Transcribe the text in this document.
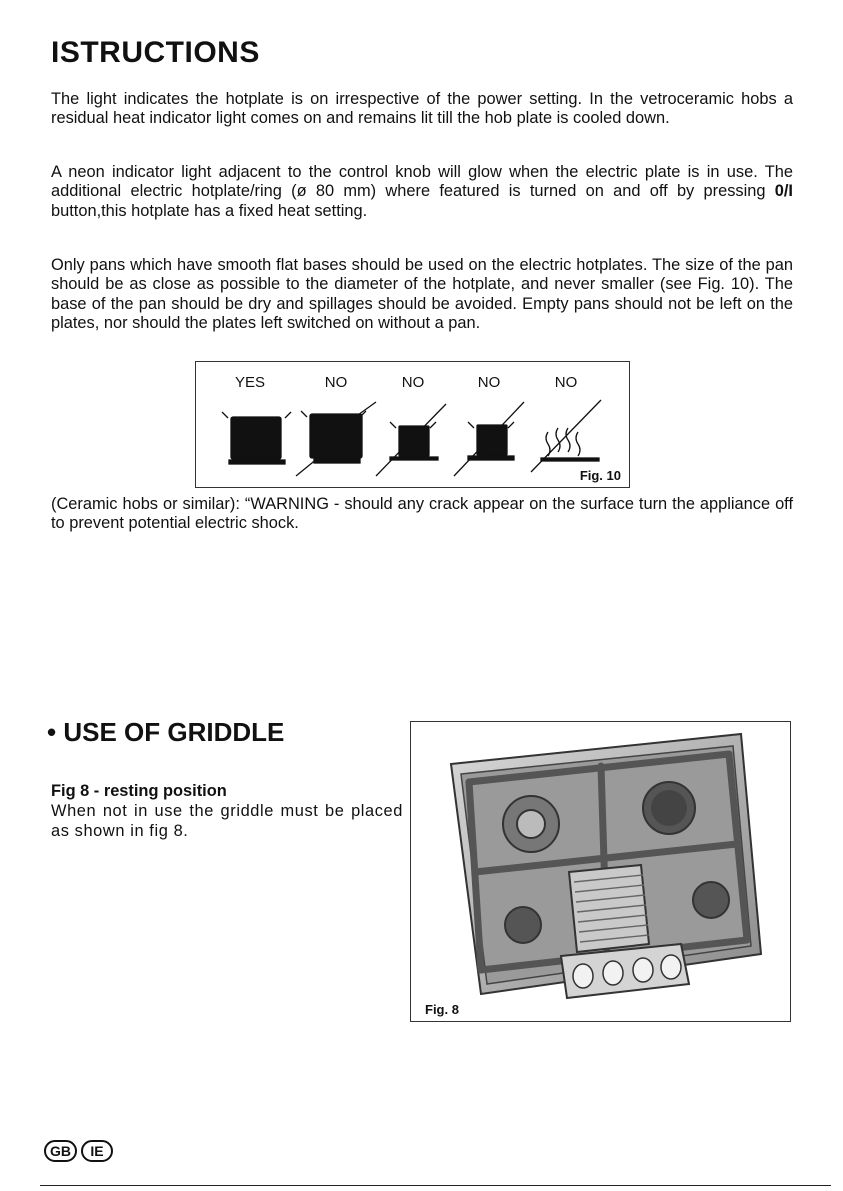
ISTRUCTIONS

The light indicates the hotplate is on irrespective of the power setting. In the vetroceramic hobs a residual heat indicator light comes on and remains lit till the hob plate is cooled down.

A neon indicator light adjacent to the control knob will glow when the electric plate is in use. The additional electric hotplate/ring (ø 80 mm) where featured is turned on and off by pressing 0/I button,this hotplate has a fixed heat setting.

Only pans which have smooth flat bases should be used on the electric hotplates. The size of the pan should be as close as possible to the diameter of the hotplate, and never smaller (see Fig. 10). The base of the pan should be dry and spillages should be avoided. Empty pans should not be left on the plates, nor should the plates left switched on without a pan.

YES	NO	NO	NO	NO
Fig. 10

(Ceramic hobs or similar): “WARNING - should any crack appear on the surface turn the appliance off to prevent potential electric shock.

• USE OF GRIDDLE

Fig 8 - resting position

When not in use the griddle must be placed as shown in fig 8.

Fig. 8
GB	IE
